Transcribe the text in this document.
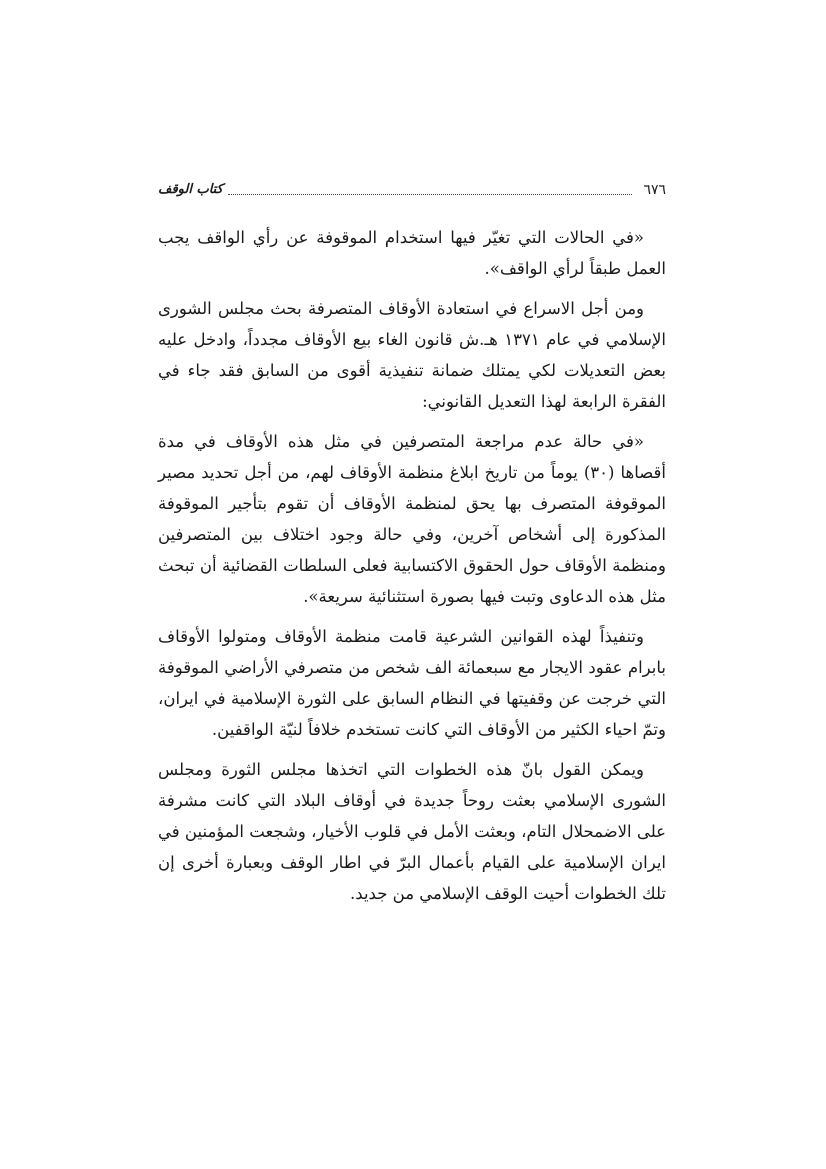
٦٧٦
كتاب الوقف

«في الحالات التي تغيّر فيها استخدام الموقوفة عن رأي الواقف يجب العمل طبقاً لرأي الواقف».

ومن أجل الاسراع في استعادة الأوقاف المتصرفة بحث مجلس الشورى الإسلامي في عام ١٣٧١ هـ.ش قانون الغاء بيع الأوقاف مجدداً، وادخل عليه بعض التعديلات لكي يمتلك ضمانة تنفيذية أقوى من السابق فقد جاء في الفقرة الرابعة لهذا التعديل القانوني:

«في حالة عدم مراجعة المتصرفين في مثل هذه الأوقاف في مدة أقصاها (٣٠) يوماً من تاريخ ابلاغ منظمة الأوقاف لهم، من أجل تحديد مصير الموقوفة المتصرف بها يحق لمنظمة الأوقاف أن تقوم بتأجير الموقوفة المذكورة إلى أشخاص آخرين، وفي حالة وجود اختلاف بين المتصرفين ومنظمة الأوقاف حول الحقوق الاكتسابية فعلى السلطات القضائية أن تبحث مثل هذه الدعاوى وتبت فيها بصورة استثنائية سريعة».

وتنفيذاً لهذه القوانين الشرعية قامت منظمة الأوقاف ومتولوا الأوقاف بابرام عقود الايجار مع سبعمائة الف شخص من متصرفي الأراضي الموقوفة التي خرجت عن وقفيتها في النظام السابق على الثورة الإسلامية في ايران، وتمّ احياء الكثير من الأوقاف التي كانت تستخدم خلافاً لنيّة الواقفين.

ويمكن القول بانّ هذه الخطوات التي اتخذها مجلس الثورة ومجلس الشورى الإسلامي بعثت روحاً جديدة في أوقاف البلاد التي كانت مشرفة على الاضمحلال التام، وبعثت الأمل في قلوب الأخيار، وشجعت المؤمنين في ايران الإسلامية على القيام بأعمال البرّ في اطار الوقف وبعبارة أخرى إن تلك الخطوات أحيت الوقف الإسلامي من جديد.
